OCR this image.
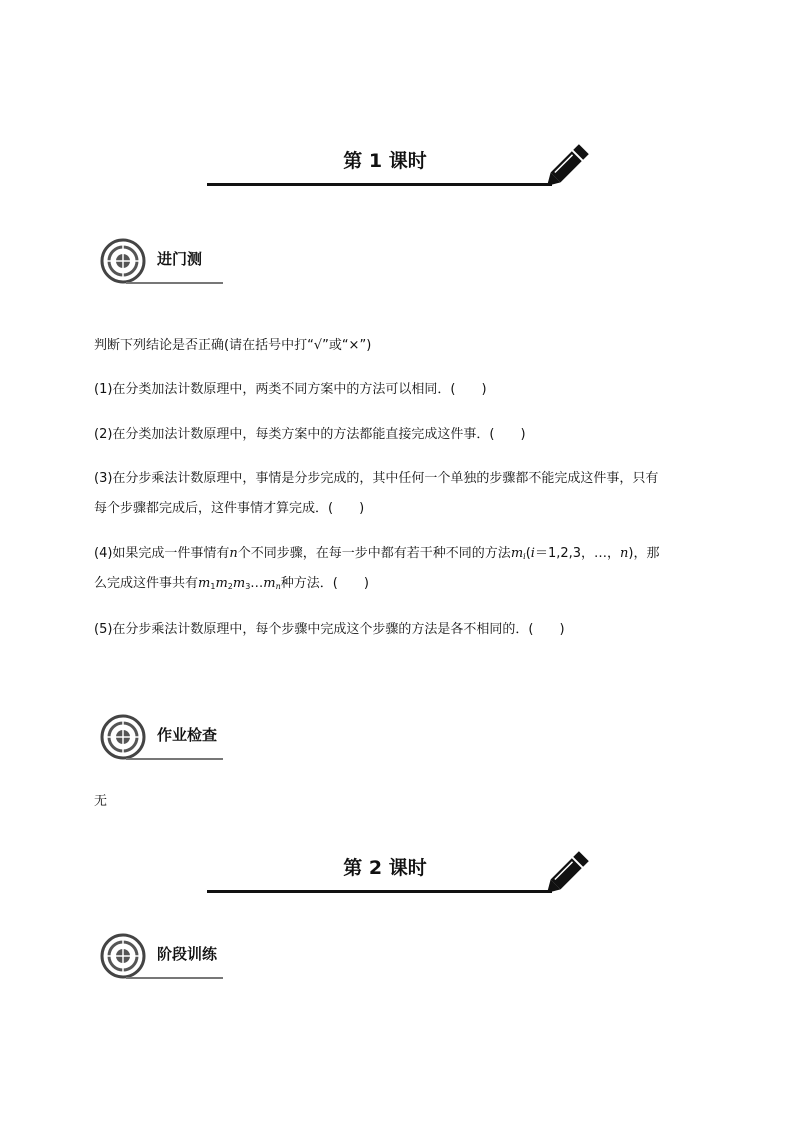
第 1 课时
进门测
判断下列结论是否正确(请在括号中打“√”或“×”)
(1)在分类加法计数原理中，两类不同方案中的方法可以相同．(　　)
(2)在分类加法计数原理中，每类方案中的方法都能直接完成这件事．(　　)
(3)在分步乘法计数原理中，事情是分步完成的，其中任何一个单独的步骤都不能完成这件事，只有
每个步骤都完成后，这件事情才算完成．(　　)
(4)如果完成一件事情有n个不同步骤，在每一步中都有若干种不同的方法$m_i(i=1,2,3$，…，n)，那
么完成这件事共有$m_1m_2m_3\dots m_n$种方法．(　　)
(5)在分步乘法计数原理中，每个步骤中完成这个步骤的方法是各不相同的．(　　)
作业检查
无
第 2 课时
阶段训练
